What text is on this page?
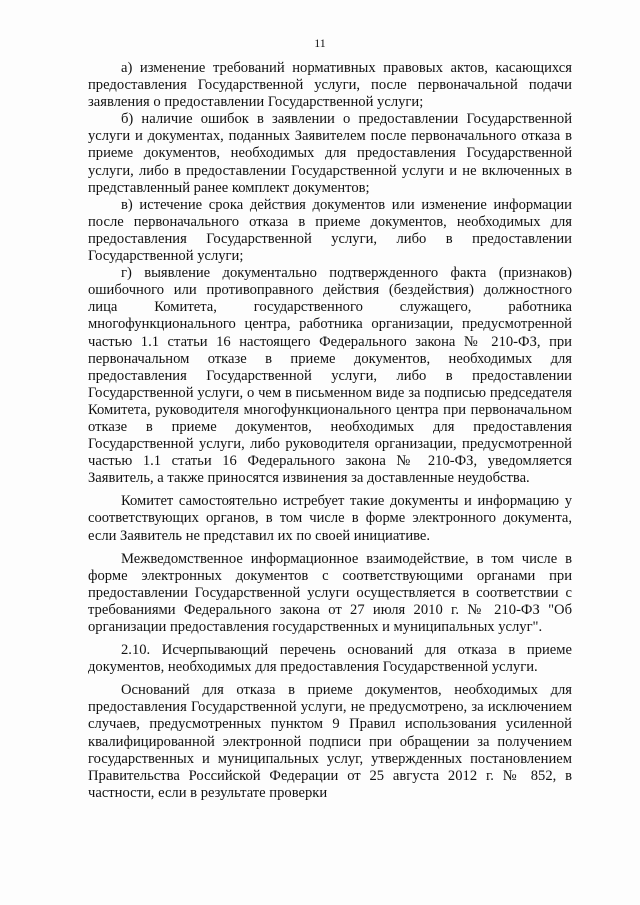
11

а) изменение требований нормативных правовых актов, касающихся предоставления Государственной услуги, после первоначальной подачи заявления о предоставлении Государственной услуги;

б) наличие ошибок в заявлении о предоставлении Государственной услуги и документах, поданных Заявителем после первоначального отказа в приеме документов, необходимых для предоставления Государственной услуги, либо в предоставлении Государственной услуги и не включенных в представленный ранее комплект документов;

в) истечение срока действия документов или изменение информации после первоначального отказа в приеме документов, необходимых для предоставления Государственной услуги, либо в предоставлении Государственной услуги;

г) выявление документально подтвержденного факта (признаков) ошибочного или противоправного действия (бездействия) должностного лица Комитета, государственного служащего, работника многофункционального центра, работника организации, предусмотренной частью 1.1 статьи 16 настоящего Федерального закона № 210-ФЗ, при первоначальном отказе в приеме документов, необходимых для предоставления Государственной услуги, либо в предоставлении Государственной услуги, о чем в письменном виде за подписью председателя Комитета, руководителя многофункционального центра при первоначальном отказе в приеме документов, необходимых для предоставления Государственной услуги, либо руководителя организации, предусмотренной частью 1.1 статьи 16 Федерального закона № 210-ФЗ, уведомляется Заявитель, а также приносятся извинения за доставленные неудобства.

Комитет самостоятельно истребует такие документы и информацию у соответствующих органов, в том числе в форме электронного документа, если Заявитель не представил их по своей инициативе.

Межведомственное информационное взаимодействие, в том числе в форме электронных документов с соответствующими органами при предоставлении Государственной услуги осуществляется в соответствии с требованиями Федерального закона от 27 июля 2010 г. № 210-ФЗ "Об организации предоставления государственных и муниципальных услуг".

2.10. Исчерпывающий перечень оснований для отказа в приеме документов, необходимых для предоставления Государственной услуги.

Оснований для отказа в приеме документов, необходимых для предоставления Государственной услуги, не предусмотрено, за исключением случаев, предусмотренных пунктом 9 Правил использования усиленной квалифицированной электронной подписи при обращении за получением государственных и муниципальных услуг, утвержденных постановлением Правительства Российской Федерации от 25 августа 2012 г. № 852, в частности, если в результате проверки
